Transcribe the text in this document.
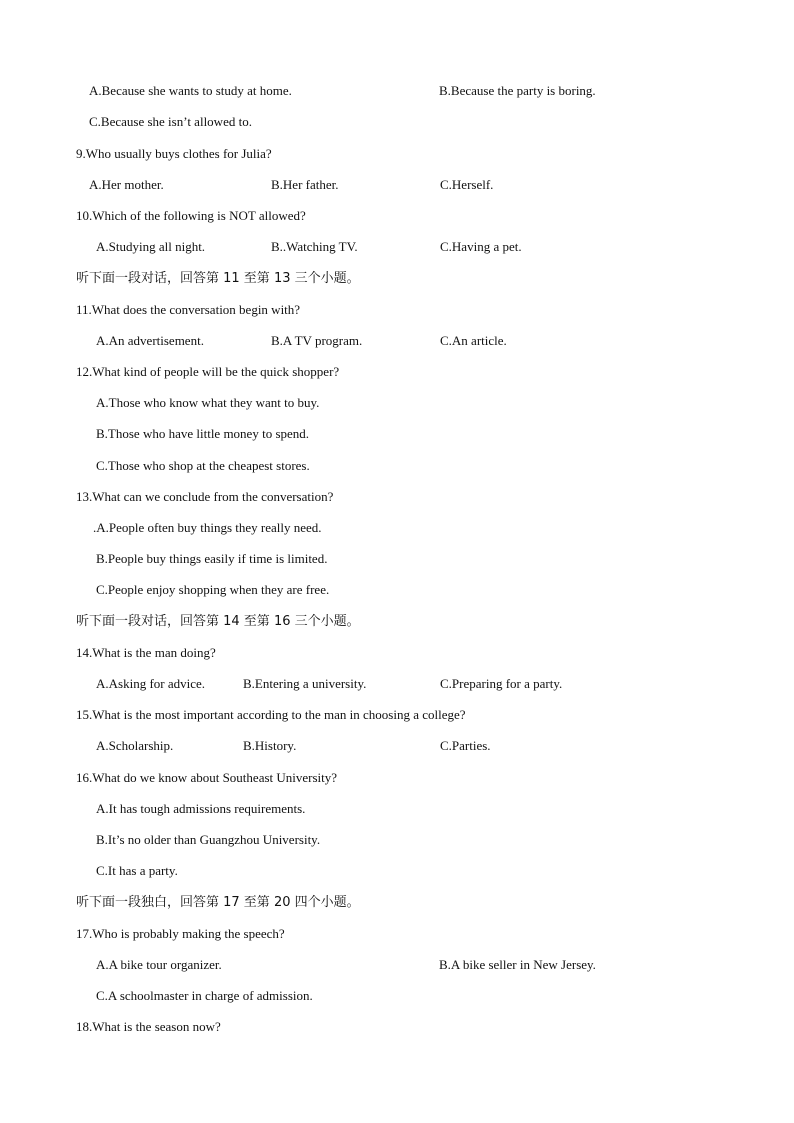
A.Because she wants to study at home.	B.Because the party is boring.
C.Because she isn’t allowed to.
9.Who usually buys clothes for Julia?
A.Her mother.	B.Her father.	C.Herself.
10.Which of the following is NOT allowed?
A.Studying all night.	B..Watching TV.	C.Having a pet.
听下面一段对话，回答第 11 至第 13 三个小题。
11.What does the conversation begin with?
A.An advertisement.	B.A TV program.	C.An article.
12.What kind of people will be the quick shopper?
A.Those who know what they want to buy.
B.Those who have little money to spend.
C.Those who shop at the cheapest stores.
13.What can we conclude from the conversation?
.A.People often buy things they really need.
B.People buy things easily if time is limited.
C.People enjoy shopping when they are free.
听下面一段对话，回答第 14 至第 16 三个小题。
14.What is the man doing?
A.Asking for advice.	B.Entering a university.	C.Preparing for a party.
15.What is the most important according to the man in choosing a college?
A.Scholarship.	B.History.	C.Parties.
16.What do we know about Southeast University?
A.It has tough admissions requirements.
B.It’s no older than Guangzhou University.
C.It has a party.
听下面一段独白，回答第 17 至第 20 四个小题。
17.Who is probably making the speech?
A.A bike tour organizer.	B.A bike seller in New Jersey.
C.A schoolmaster in charge of admission.
18.What is the season now?
